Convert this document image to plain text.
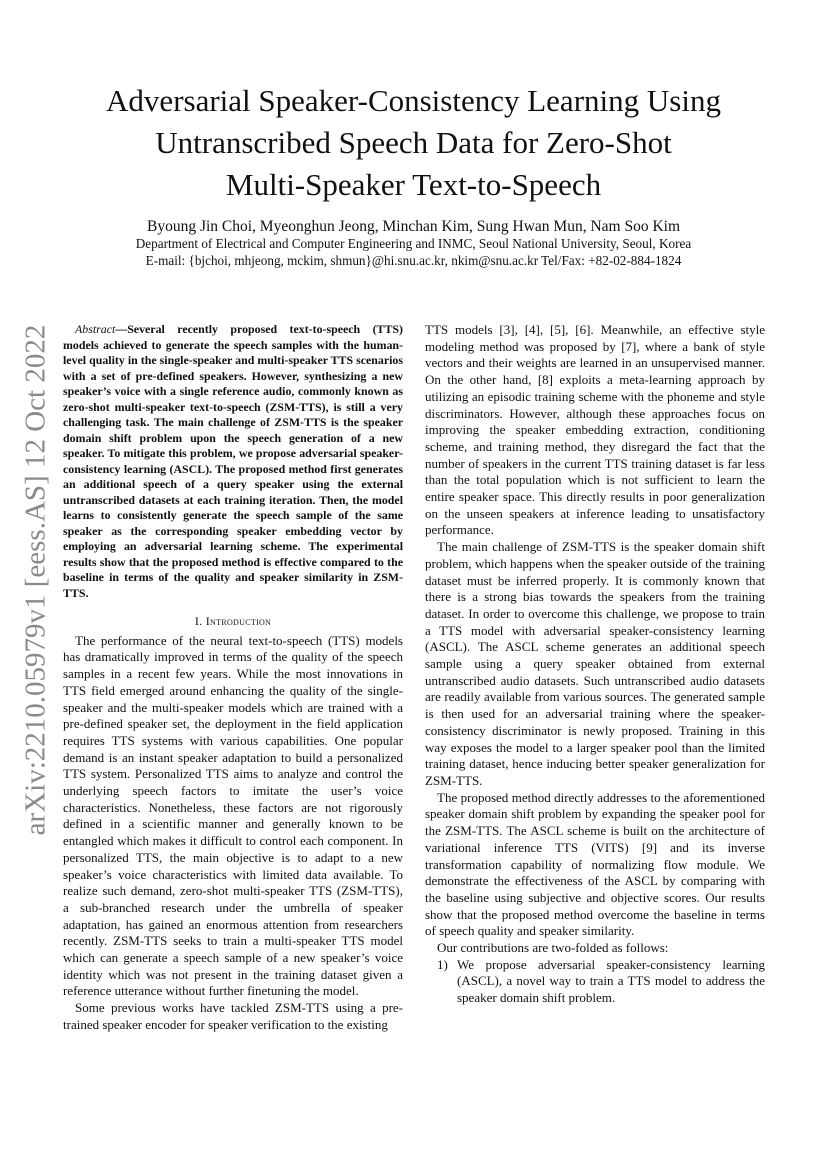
Adversarial Speaker-Consistency Learning Using
Untranscribed Speech Data for Zero-Shot
Multi-Speaker Text-to-Speech
Byoung Jin Choi, Myeonghun Jeong, Minchan Kim, Sung Hwan Mun, Nam Soo Kim
Department of Electrical and Computer Engineering and INMC, Seoul National University, Seoul, Korea
E-mail: {bjchoi, mhjeong, mckim, shmun}@hi.snu.ac.kr, nkim@snu.ac.kr Tel/Fax: +82-02-884-1824
arXiv:2210.05979v1 [eess.AS] 12 Oct 2022	Abstract—Several recently proposed text-to-speech (TTS) models achieved to generate the speech samples with the human-level quality in the single-speaker and multi-speaker TTS scenarios with a set of pre-defined speakers. However, synthesizing a new speaker’s voice with a single reference audio, commonly known as zero-shot multi-speaker text-to-speech (ZSM-TTS), is still a very challenging task. The main challenge of ZSM-TTS is the speaker domain shift problem upon the speech generation of a new speaker. To mitigate this problem, we propose adversarial speaker-consistency learning (ASCL). The proposed method first generates an additional speech of a query speaker using the external untranscribed datasets at each training iteration. Then, the model learns to consistently generate the speech sample of the same speaker as the corresponding speaker embedding vector by employing an adversarial learning scheme. The experimental results show that the proposed method is effective compared to the baseline in terms of the quality and speaker similarity in ZSM-TTS.

I. Introduction

The performance of the neural text-to-speech (TTS) models has dramatically improved in terms of the quality of the speech samples in a recent few years. While the most innovations in TTS field emerged around enhancing the quality of the single-speaker and the multi-speaker models which are trained with a pre-defined speaker set, the deployment in the field application requires TTS systems with various capabilities. One popular demand is an instant speaker adaptation to build a personalized TTS system. Personalized TTS aims to analyze and control the underlying speech factors to imitate the user’s voice characteristics. Nonetheless, these factors are not rigorously defined in a scientific manner and generally known to be entangled which makes it difficult to control each component. In personalized TTS, the main objective is to adapt to a new speaker’s voice characteristics with limited data available. To realize such demand, zero-shot multi-speaker TTS (ZSM-TTS), a sub-branched research under the umbrella of speaker adaptation, has gained an enormous attention from researchers recently. ZSM-TTS seeks to train a multi-speaker TTS model which can generate a speech sample of a new speaker’s voice identity which was not present in the training dataset given a reference utterance without further finetuning the model.

Some previous works have tackled ZSM-TTS using a pre-trained speaker encoder for speaker verification to the existing

TTS models [3], [4], [5], [6]. Meanwhile, an effective style modeling method was proposed by [7], where a bank of style vectors and their weights are learned in an unsupervised manner. On the other hand, [8] exploits a meta-learning approach by utilizing an episodic training scheme with the phoneme and style discriminators. However, although these approaches focus on improving the speaker embedding extraction, conditioning scheme, and training method, they disregard the fact that the number of speakers in the current TTS training dataset is far less than the total population which is not sufficient to learn the entire speaker space. This directly results in poor generalization on the unseen speakers at inference leading to unsatisfactory performance.

The main challenge of ZSM-TTS is the speaker domain shift problem, which happens when the speaker outside of the training dataset must be inferred properly. It is commonly known that there is a strong bias towards the speakers from the training dataset. In order to overcome this challenge, we propose to train a TTS model with adversarial speaker-consistency learning (ASCL). The ASCL scheme generates an additional speech sample using a query speaker obtained from external untranscribed audio datasets. Such untranscribed audio datasets are readily available from various sources. The generated sample is then used for an adversarial training where the speaker-consistency discriminator is newly proposed. Training in this way exposes the model to a larger speaker pool than the limited training dataset, hence inducing better speaker generalization for ZSM-TTS.

The proposed method directly addresses to the aforementioned speaker domain shift problem by expanding the speaker pool for the ZSM-TTS. The ASCL scheme is built on the architecture of variational inference TTS (VITS) [9] and its inverse transformation capability of normalizing flow module. We demonstrate the effectiveness of the ASCL by comparing with the baseline using subjective and objective scores. Our results show that the proposed method overcome the baseline in terms of speech quality and speaker similarity.

Our contributions are two-folded as follows:

1) We propose adversarial speaker-consistency learning (ASCL), a novel way to train a TTS model to address the speaker domain shift problem.
